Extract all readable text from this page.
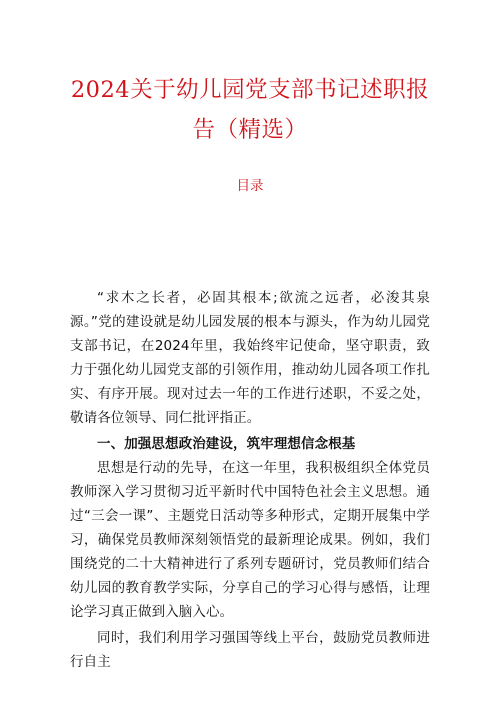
2024关于幼儿园党支部书记述职报告（精选）
目录

“求木之长者，必固其根本;欲流之远者，必浚其泉源。”党的建设就是幼儿园发展的根本与源头，作为幼儿园党支部书记，在2024年里，我始终牢记使命，坚守职责，致力于强化幼儿园党支部的引领作用，推动幼儿园各项工作扎实、有序开展。现对过去一年的工作进行述职，不妥之处，敬请各位领导、同仁批评指正。

一、加强思想政治建设，筑牢理想信念根基

思想是行动的先导，在这一年里，我积极组织全体党员教师深入学习贯彻习近平新时代中国特色社会主义思想。通过“三会一课”、主题党日活动等多种形式，定期开展集中学习，确保党员教师深刻领悟党的最新理论成果。例如，我们围绕党的二十大精神进行了系列专题研讨，党员教师们结合幼儿园的教育教学实际，分享自己的学习心得与感悟，让理论学习真正做到入脑入心。

同时，我们利用学习强国等线上平台，鼓励党员教师进行自主
